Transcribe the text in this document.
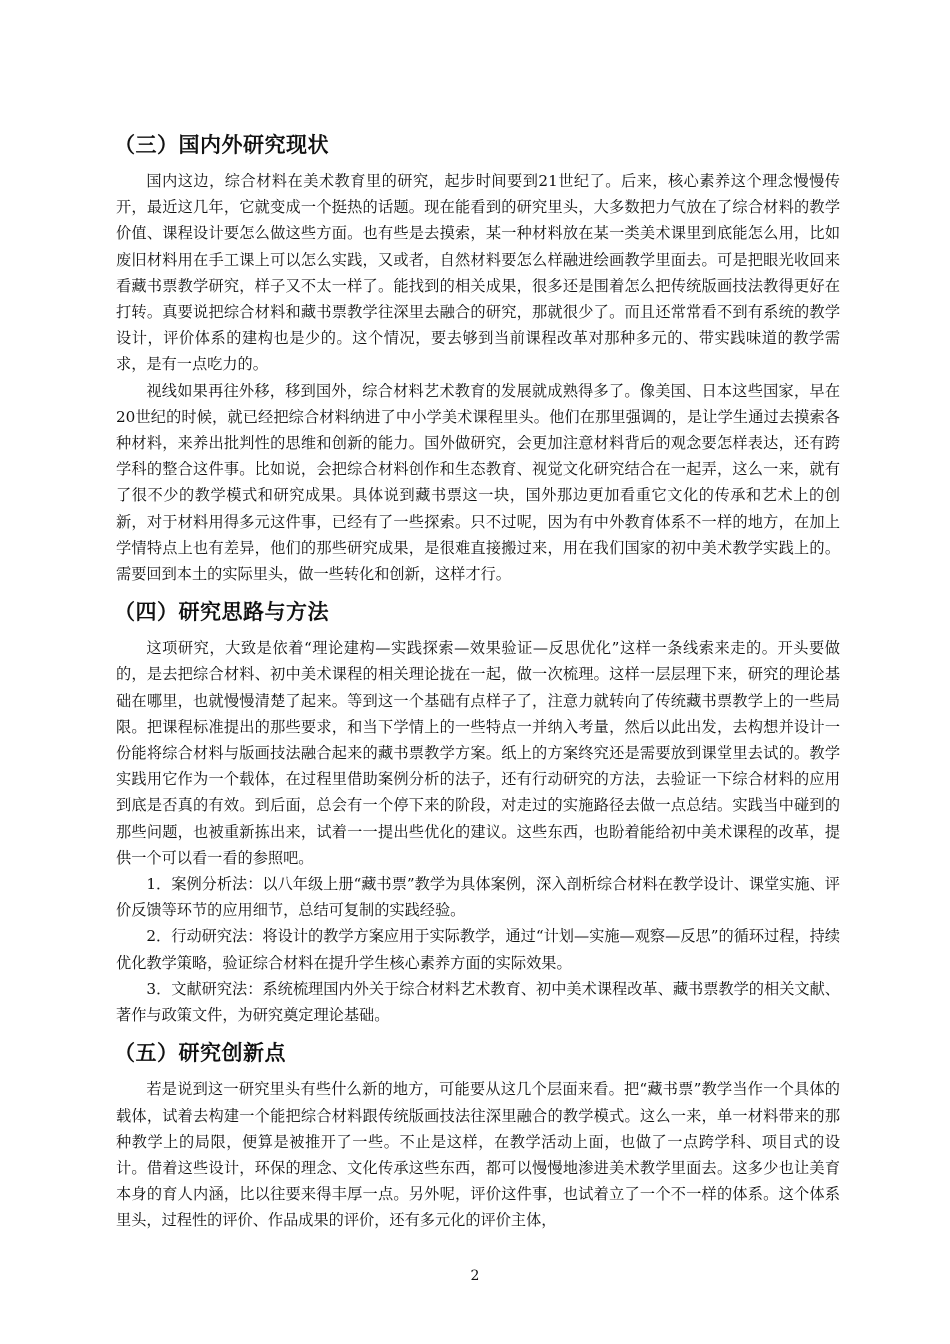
（三）国内外研究现状

国内这边，综合材料在美术教育里的研究，起步时间要到21世纪了。后来，核心素养这个理念慢慢传开，最近这几年，它就变成一个挺热的话题。现在能看到的研究里头，大多数把力气放在了综合材料的教学价值、课程设计要怎么做这些方面。也有些是去摸索，某一种材料放在某一类美术课里到底能怎么用，比如废旧材料用在手工课上可以怎么实践，又或者，自然材料要怎么样融进绘画教学里面去。可是把眼光收回来看藏书票教学研究，样子又不太一样了。能找到的相关成果，很多还是围着怎么把传统版画技法教得更好在打转。真要说把综合材料和藏书票教学往深里去融合的研究，那就很少了。而且还常常看不到有系统的教学设计，评价体系的建构也是少的。这个情况，要去够到当前课程改革对那种多元的、带实践味道的教学需求，是有一点吃力的。

视线如果再往外移，移到国外，综合材料艺术教育的发展就成熟得多了。像美国、日本这些国家，早在20世纪的时候，就已经把综合材料纳进了中小学美术课程里头。他们在那里强调的，是让学生通过去摸索各种材料，来养出批判性的思维和创新的能力。国外做研究，会更加注意材料背后的观念要怎样表达，还有跨学科的整合这件事。比如说，会把综合材料创作和生态教育、视觉文化研究结合在一起弄，这么一来，就有了很不少的教学模式和研究成果。具体说到藏书票这一块，国外那边更加看重它文化的传承和艺术上的创新，对于材料用得多元这件事，已经有了一些探索。只不过呢，因为有中外教育体系不一样的地方，在加上学情特点上也有差异，他们的那些研究成果，是很难直接搬过来，用在我们国家的初中美术教学实践上的。需要回到本土的实际里头，做一些转化和创新，这样才行。

（四）研究思路与方法

这项研究，大致是依着“理论建构—实践探索—效果验证—反思优化”这样一条线索来走的。开头要做的，是去把综合材料、初中美术课程的相关理论拢在一起，做一次梳理。这样一层层理下来，研究的理论基础在哪里，也就慢慢清楚了起来。等到这一个基础有点样子了，注意力就转向了传统藏书票教学上的一些局限。把课程标准提出的那些要求，和当下学情上的一些特点一并纳入考量，然后以此出发，去构想并设计一份能将综合材料与版画技法融合起来的藏书票教学方案。纸上的方案终究还是需要放到课堂里去试的。教学实践用它作为一个载体，在过程里借助案例分析的法子，还有行动研究的方法，去验证一下综合材料的应用到底是否真的有效。到后面，总会有一个停下来的阶段，对走过的实施路径去做一点总结。实践当中碰到的那些问题，也被重新拣出来，试着一一提出些优化的建议。这些东西，也盼着能给初中美术课程的改革，提供一个可以看一看的参照吧。

1．案例分析法：以八年级上册“藏书票”教学为具体案例，深入剖析综合材料在教学设计、课堂实施、评价反馈等环节的应用细节，总结可复制的实践经验。

2．行动研究法：将设计的教学方案应用于实际教学，通过“计划—实施—观察—反思”的循环过程，持续优化教学策略，验证综合材料在提升学生核心素养方面的实际效果。

3．文献研究法：系统梳理国内外关于综合材料艺术教育、初中美术课程改革、藏书票教学的相关文献、著作与政策文件，为研究奠定理论基础。

（五）研究创新点

若是说到这一研究里头有些什么新的地方，可能要从这几个层面来看。把“藏书票”教学当作一个具体的载体，试着去构建一个能把综合材料跟传统版画技法往深里融合的教学模式。这么一来，单一材料带来的那种教学上的局限，便算是被推开了一些。不止是这样，在教学活动上面，也做了一点跨学科、项目式的设计。借着这些设计，环保的理念、文化传承这些东西，都可以慢慢地渗进美术教学里面去。这多少也让美育本身的育人内涵，比以往要来得丰厚一点。另外呢，评价这件事，也试着立了一个不一样的体系。这个体系里头，过程性的评价、作品成果的评价，还有多元化的评价主体，

2
